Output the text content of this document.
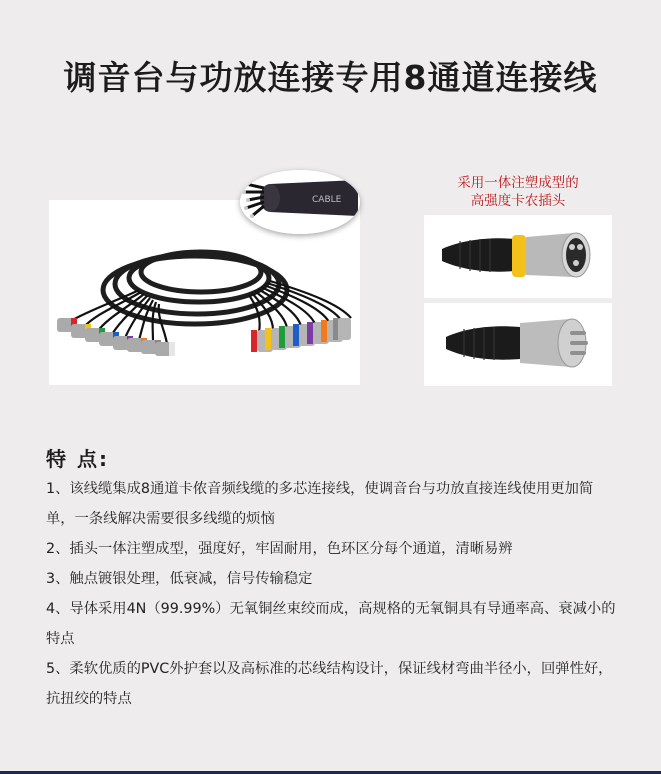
调音台与功放连接专用8通道连接线
CABLE
采用一体注塑成型的
高强度卡农插头
特 点:
1、该线缆集成8通道卡侬音频线缆的多芯连接线，使调音台与功放直接连线使用更加简单，一条线解决需要很多线缆的烦恼
2、插头一体注塑成型，强度好，牢固耐用，色环区分每个通道，清晰易辨
3、触点镀银处理，低衰减，信号传输稳定
4、导体采用4N（99.99%）无氧铜丝束绞而成，高规格的无氧铜具有导通率高、衰减小的特点
5、柔软优质的PVC外护套以及高标准的芯线结构设计，保证线材弯曲半径小，回弹性好，抗扭绞的特点
